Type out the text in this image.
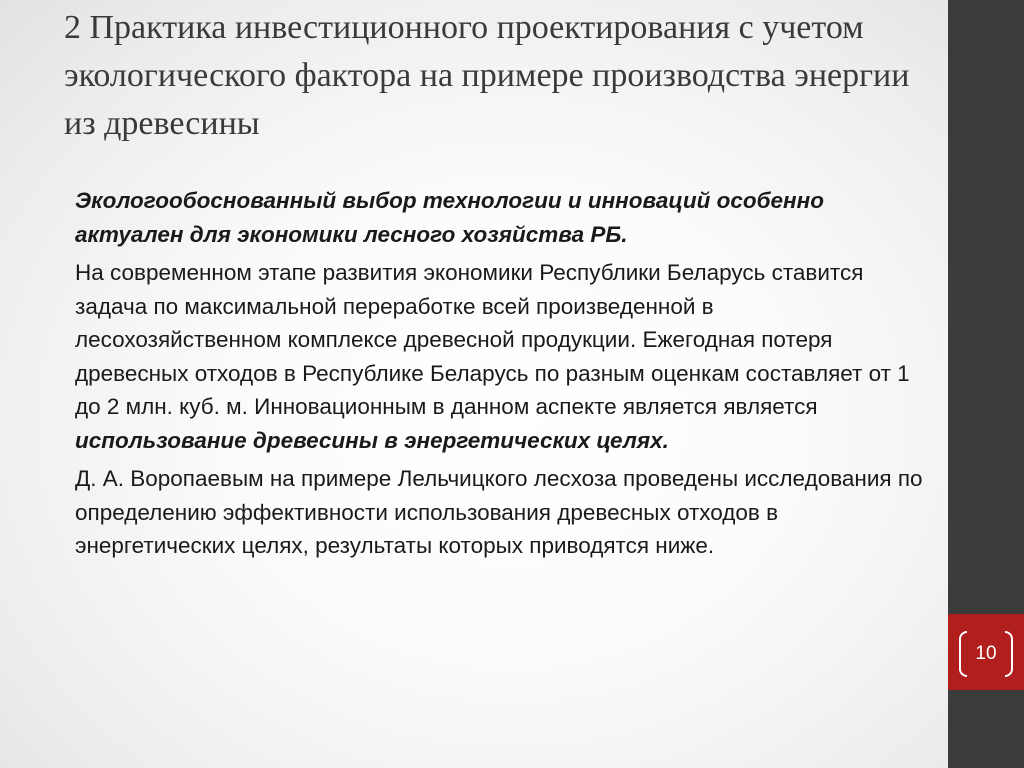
2 Практика инвестиционного проектирования с учетом экологического фактора на примере производства энергии из древесины

Экологообоснованный выбор технологии и инноваций особенно актуален для экономики лесного хозяйства РБ.

На современном этапе развития экономики Республики Беларусь ставится задача по максимальной переработке всей произведенной в лесохозяйственном комплексе древесной продукции. Ежегодная потеря древесных отходов в Республике Беларусь по разным оценкам составляет от 1 до 2 млн. куб. м. Инновационным в данном аспекте является является использование древесины в энергетических целях.

Д. А. Воропаевым на примере Лельчицкого лесхоза проведены исследования по определению эффективности использования древесных отходов в энергетических целях, результаты которых приводятся ниже.

10
